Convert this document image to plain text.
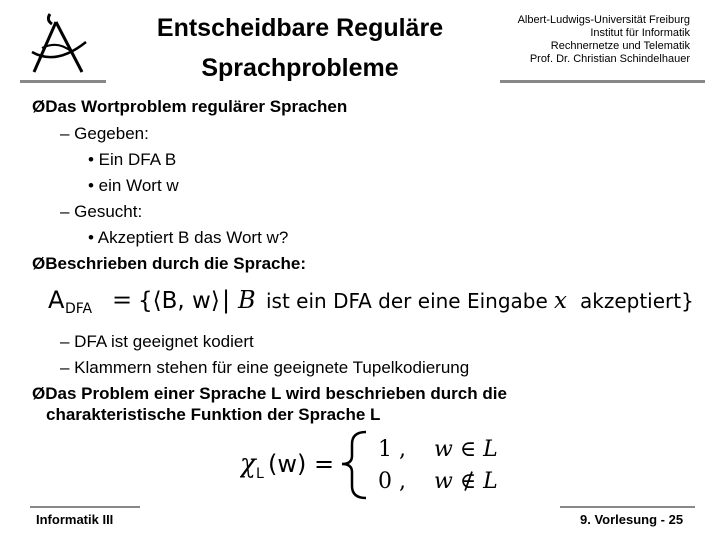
Entscheidbare Reguläre
Sprachprobleme
Albert-Ludwigs-Universität Freiburg
Institut für Informatik
Rechnernetze und Telematik
Prof. Dr. Christian Schindelhauer
ØDas Wortproblem regulärer Sprachen
– Gegeben:
• Ein DFA B
• ein Wort w
– Gesucht:
• Akzeptiert B das Wort w?
ØBeschrieben durch die Sprache:
A DFA = {⟨B, w⟩ | B ist ein DFA der eine Eingabe x akzeptiert}
– DFA ist geeignet kodiert
– Klammern stehen für eine geeignete Tupelkodierung
ØDas Problem einer Sprache L wird beschrieben durch die
charakteristische Funktion der Sprache L
χ L (w) =
1 , w ∈ L
0 , w ∉ L
Informatik III	9. Vorlesung - 25
